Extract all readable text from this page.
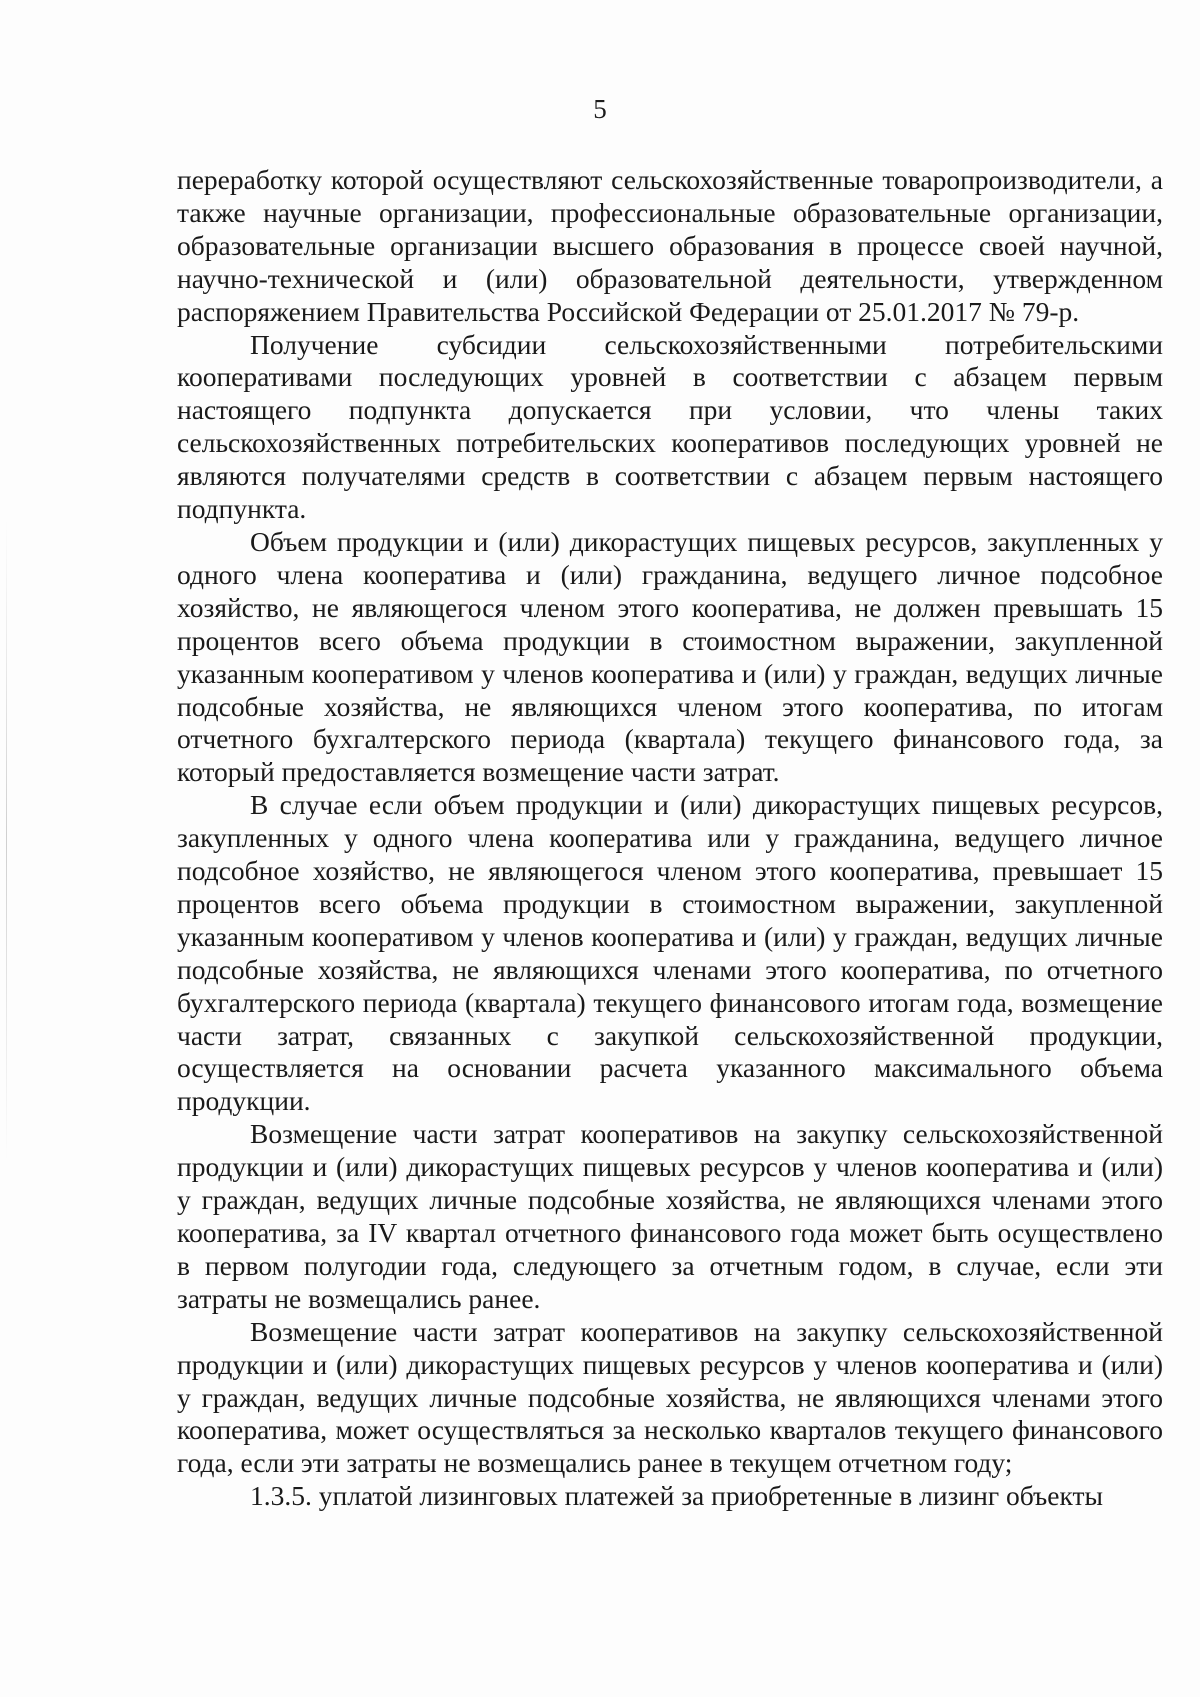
5

переработку которой осуществляют сельскохозяйственные товаропроизводители, а также научные организации, профессиональные образовательные организации, образовательные организации высшего образования в процессе своей научной, научно-технической и (или) образовательной деятельности, утвержденном распоряжением Правительства Российской Федерации от 25.01.2017 № 79-р.

Получение субсидии сельскохозяйственными потребительскими кооперативами последующих уровней в соответствии с абзацем первым настоящего подпункта допускается при условии, что члены таких сельскохозяйственных потребительских кооперативов последующих уровней не являются получателями средств в соответствии с абзацем первым настоящего подпункта.

Объем продукции и (или) дикорастущих пищевых ресурсов, закупленных у одного члена кооператива и (или) гражданина, ведущего личное подсобное хозяйство, не являющегося членом этого кооператива, не должен превышать 15 процентов всего объема продукции в стоимостном выражении, закупленной указанным кооперативом у членов кооператива и (или) у граждан, ведущих личные подсобные хозяйства, не являющихся членом этого кооператива, по итогам отчетного бухгалтерского периода (квартала) текущего финансового года, за который предоставляется возмещение части затрат.

В случае если объем продукции и (или) дикорастущих пищевых ресурсов, закупленных у одного члена кооператива или у гражданина, ведущего личное подсобное хозяйство, не являющегося членом этого кооператива, превышает 15 процентов всего объема продукции в стоимостном выражении, закупленной указанным кооперативом у членов кооператива и (или) у граждан, ведущих личные подсобные хозяйства, не являющихся членами этого кооператива, по отчетного бухгалтерского периода (квартала) текущего финансового итогам года, возмещение части затрат, связанных с закупкой сельскохозяйственной продукции, осуществляется на основании расчета указанного максимального объема продукции.

Возмещение части затрат кооперативов на закупку сельскохозяйственной продукции и (или) дикорастущих пищевых ресурсов у членов кооператива и (или) у граждан, ведущих личные подсобные хозяйства, не являющихся членами этого кооператива, за IV квартал отчетного финансового года может быть осуществлено в первом полугодии года, следующего за отчетным годом, в случае, если эти затраты не возмещались ранее.

Возмещение части затрат кооперативов на закупку сельскохозяйственной продукции и (или) дикорастущих пищевых ресурсов у членов кооператива и (или) у граждан, ведущих личные подсобные хозяйства, не являющихся членами этого кооператива, может осуществляться за несколько кварталов текущего финансового года, если эти затраты не возмещались ранее в текущем отчетном году;

1.3.5. уплатой лизинговых платежей за приобретенные в лизинг объекты
